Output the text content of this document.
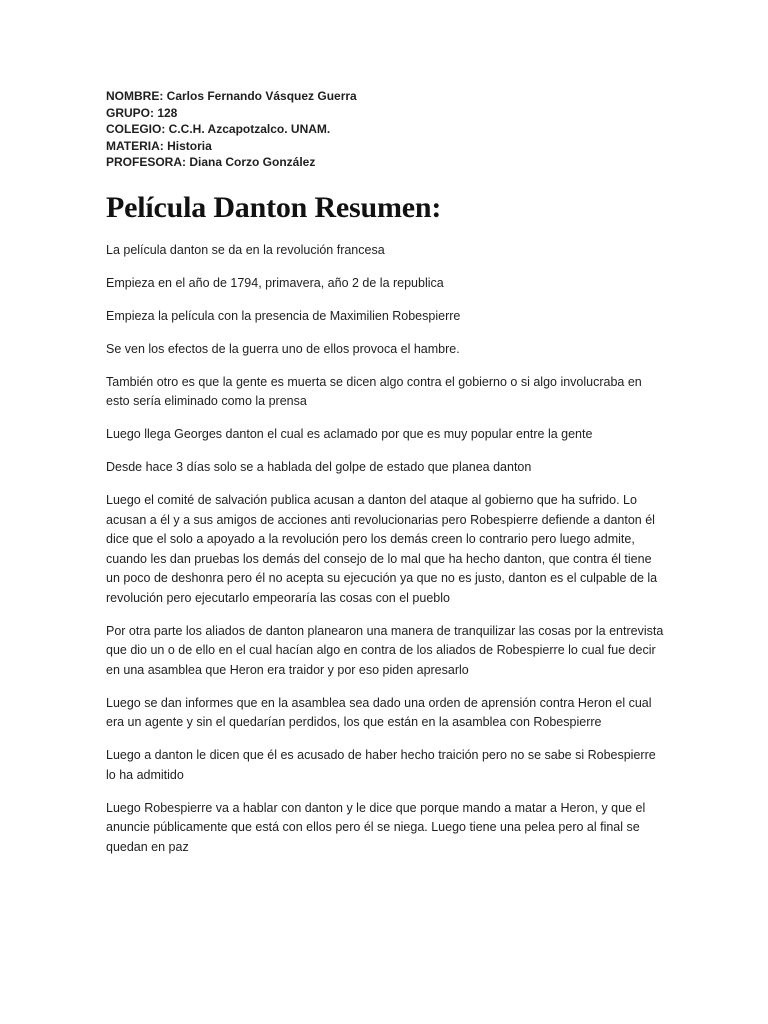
NOMBRE: Carlos Fernando Vásquez Guerra
GRUPO: 128
COLEGIO: C.C.H. Azcapotzalco. UNAM.
MATERIA: Historia
PROFESORA: Diana Corzo González
Película Danton Resumen:

La película danton se da en la revolución francesa

Empieza en el año de 1794, primavera, año 2 de la republica

Empieza la película con la presencia de Maximilien Robespierre

Se ven los efectos de la guerra uno de ellos provoca el hambre.

También otro es que la gente es muerta se dicen algo contra el gobierno o si algo involucraba en esto sería eliminado como la prensa

Luego llega Georges danton el cual es aclamado por que es muy popular entre la gente

Desde hace 3 días solo se a hablada del golpe de estado que planea danton

Luego el comité de salvación publica acusan a danton del ataque al gobierno que ha sufrido. Lo acusan a él y a sus amigos de acciones anti revolucionarias pero Robespierre defiende a danton él dice que el solo a apoyado a la revolución pero los demás creen lo contrario pero luego admite, cuando les dan pruebas los demás del consejo de lo mal que ha hecho danton, que contra él tiene un poco de deshonra pero él no acepta su ejecución ya que no es justo, danton es el culpable de la revolución pero ejecutarlo empeoraría las cosas con el pueblo

Por otra parte los aliados de danton planearon una manera de tranquilizar las cosas por la entrevista que dio un o de ello en el cual hacían algo en contra de los aliados de Robespierre lo cual fue decir en una asamblea que Heron era traidor y por eso piden apresarlo

Luego se dan informes que en la asamblea sea dado una orden de aprensión contra Heron el cual era un agente y sin el quedarían perdidos, los que están en la asamblea con Robespierre

Luego a danton le dicen que él es acusado de haber hecho traición pero no se sabe si Robespierre lo ha admitido

Luego Robespierre va a hablar con danton y le dice que porque mando a matar a Heron, y que el anuncie públicamente que está con ellos pero él se niega. Luego tiene una pelea pero al final se quedan en paz
